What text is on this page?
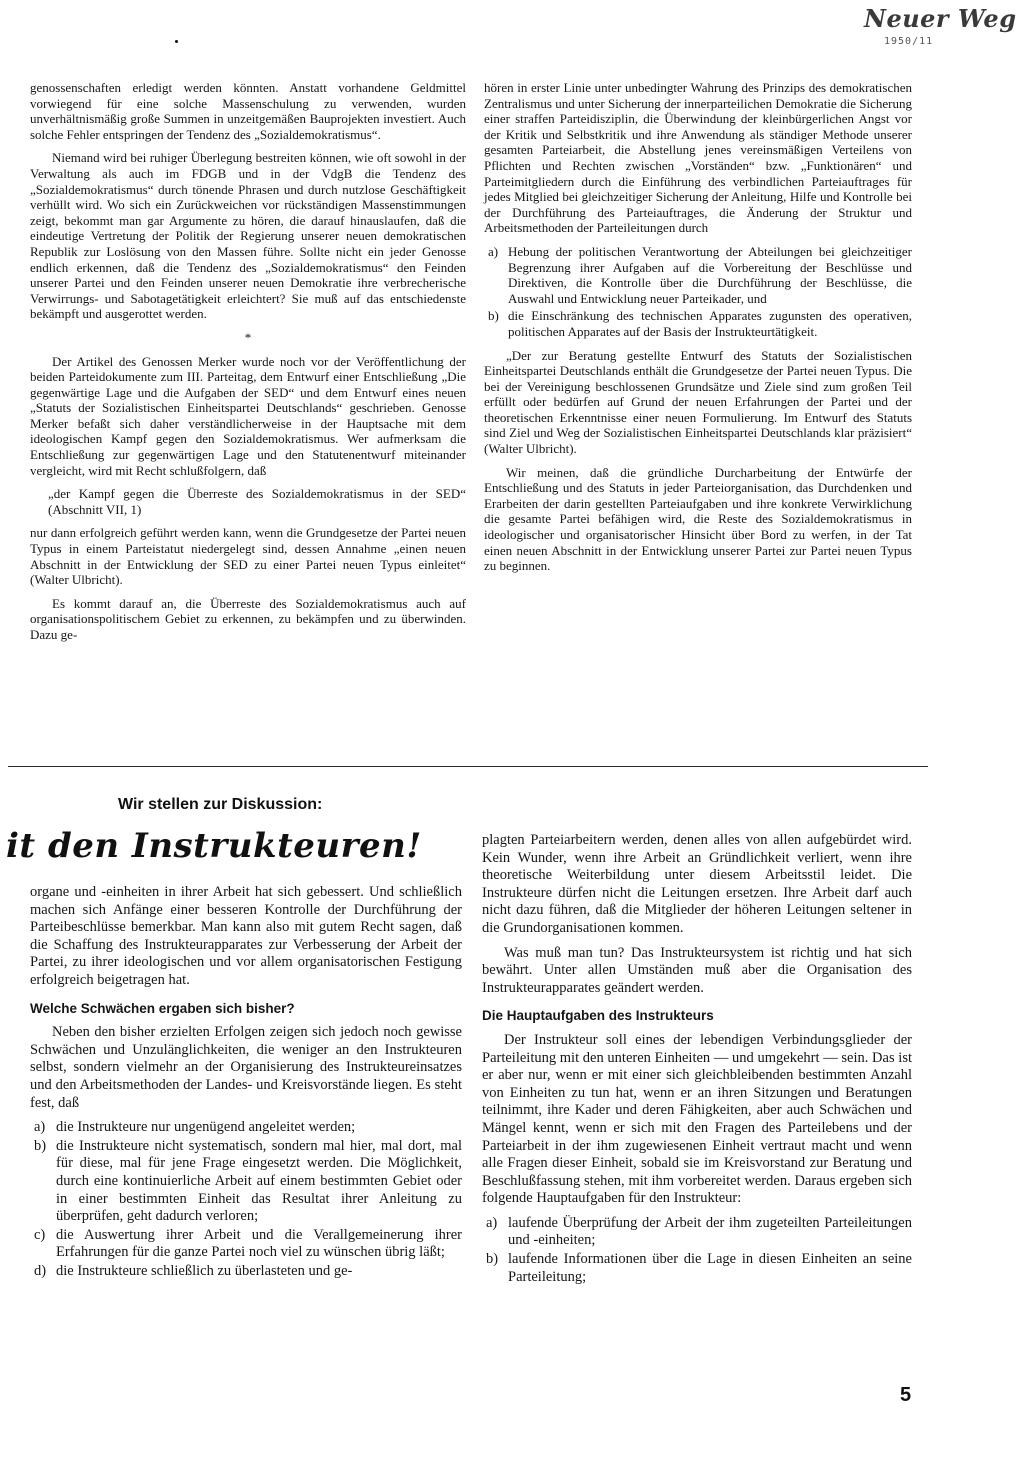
Neuer Weg
1950/11

genossenschaften erledigt werden könnten. Anstatt vorhandene Geldmittel vorwiegend für eine solche Massenschulung zu verwenden, wurden unverhältnismäßig große Summen in unzeitgemäßen Bauprojekten investiert. Auch solche Fehler entspringen der Tendenz des „Sozialdemokratismus“.

Niemand wird bei ruhiger Überlegung bestreiten können, wie oft sowohl in der Verwaltung als auch im FDGB und in der VdgB die Tendenz des „Sozialdemokratismus“ durch tönende Phrasen und durch nutzlose Geschäftigkeit verhüllt wird. Wo sich ein Zurückweichen vor rückständigen Massenstimmungen zeigt, bekommt man gar Argumente zu hören, die darauf hinauslaufen, daß die eindeutige Vertretung der Politik der Regierung unserer neuen demokratischen Republik zur Loslösung von den Massen führe. Sollte nicht ein jeder Genosse endlich erkennen, daß die Tendenz des „Sozialdemokratismus“ den Feinden unserer Partei und den Feinden unserer neuen Demokratie ihre verbrecherische Verwirrungs- und Sabotagetätigkeit erleichtert? Sie muß auf das entschiedenste bekämpft und ausgerottet werden.

*

Der Artikel des Genossen Merker wurde noch vor der Veröffentlichung der beiden Parteidokumente zum III. Parteitag, dem Entwurf einer Entschließung „Die gegenwärtige Lage und die Aufgaben der SED“ und dem Entwurf eines neuen „Statuts der Sozialistischen Einheitspartei Deutschlands“ geschrieben. Genosse Merker befaßt sich daher verständlicherweise in der Hauptsache mit dem ideologischen Kampf gegen den Sozialdemokratismus. Wer aufmerksam die Entschließung zur gegenwärtigen Lage und den Statutenentwurf miteinander vergleicht, wird mit Recht schlußfolgern, daß

„der Kampf gegen die Überreste des Sozialdemokratismus in der SED“ (Abschnitt VII, 1)

nur dann erfolgreich geführt werden kann, wenn die Grundgesetze der Partei neuen Typus in einem Parteistatut niedergelegt sind, dessen Annahme „einen neuen Abschnitt in der Entwicklung der SED zu einer Partei neuen Typus einleitet“ (Walter Ulbricht).

Es kommt darauf an, die Überreste des Sozialdemokratismus auch auf organisationspolitischem Gebiet zu erkennen, zu bekämpfen und zu überwinden. Dazu ge-

hören in erster Linie unter unbedingter Wahrung des Prinzips des demokratischen Zentralismus und unter Sicherung der innerparteilichen Demokratie die Sicherung einer straffen Parteidisziplin, die Überwindung der kleinbürgerlichen Angst vor der Kritik und Selbstkritik und ihre Anwendung als ständiger Methode unserer gesamten Parteiarbeit, die Abstellung jenes vereinsmäßigen Verteilens von Pflichten und Rechten zwischen „Vorständen“ bzw. „Funktionären“ und Parteimitgliedern durch die Einführung des verbindlichen Parteiauftrages für jedes Mitglied bei gleichzeitiger Sicherung der Anleitung, Hilfe und Kontrolle bei der Durchführung des Parteiauftrages, die Änderung der Struktur und Arbeitsmethoden der Parteileitungen durch

a) Hebung der politischen Verantwortung der Abteilungen bei gleichzeitiger Begrenzung ihrer Aufgaben auf die Vorbereitung der Beschlüsse und Direktiven, die Kontrolle über die Durchführung der Beschlüsse, die Auswahl und Entwicklung neuer Parteikader, und
b) die Einschränkung des technischen Apparates zugunsten des operativen, politischen Apparates auf der Basis der Instrukteurtätigkeit.

„Der zur Beratung gestellte Entwurf des Statuts der Sozialistischen Einheitspartei Deutschlands enthält die Grundgesetze der Partei neuen Typus. Die bei der Vereinigung beschlossenen Grundsätze und Ziele sind zum großen Teil erfüllt oder bedürfen auf Grund der neuen Erfahrungen der Partei und der theoretischen Erkenntnisse einer neuen Formulierung. Im Entwurf des Statuts sind Ziel und Weg der Sozialistischen Einheitspartei Deutschlands klar präzisiert“ (Walter Ulbricht).

Wir meinen, daß die gründliche Durcharbeitung der Entwürfe der Entschließung und des Statuts in jeder Parteiorganisation, das Durchdenken und Erarbeiten der darin gestellten Parteiaufgaben und ihre konkrete Verwirklichung die gesamte Partei befähigen wird, die Reste des Sozialdemokratismus in ideologischer und organisatorischer Hinsicht über Bord zu werfen, in der Tat einen neuen Abschnitt in der Entwicklung unserer Partei zur Partei neuen Typus zu beginnen.

Wir stellen zur Diskussion:
it den Instrukteuren!

organe und -einheiten in ihrer Arbeit hat sich gebessert. Und schließlich machen sich Anfänge einer besseren Kontrolle der Durchführung der Parteibeschlüsse bemerkbar. Man kann also mit gutem Recht sagen, daß die Schaffung des Instrukteurapparates zur Verbesserung der Arbeit der Partei, zu ihrer ideologischen und vor allem organisatorischen Festigung erfolgreich beigetragen hat.

Welche Schwächen ergaben sich bisher?

Neben den bisher erzielten Erfolgen zeigen sich jedoch noch gewisse Schwächen und Unzulänglichkeiten, die weniger an den Instrukteuren selbst, sondern vielmehr an der Organisierung des Instrukteureinsatzes und den Arbeitsmethoden der Landes- und Kreisvorstände liegen. Es steht fest, daß

a) die Instrukteure nur ungenügend angeleitet werden;
b) die Instrukteure nicht systematisch, sondern mal hier, mal dort, mal für diese, mal für jene Frage eingesetzt werden. Die Möglichkeit, durch eine kontinuierliche Arbeit auf einem bestimmten Gebiet oder in einer bestimmten Einheit das Resultat ihrer Anleitung zu überprüfen, geht dadurch verloren;
c) die Auswertung ihrer Arbeit und die Verallgemeinerung ihrer Erfahrungen für die ganze Partei noch viel zu wünschen übrig läßt;
d) die Instrukteure schließlich zu überlasteten und ge-

plagten Parteiarbeitern werden, denen alles von allen aufgebürdet wird. Kein Wunder, wenn ihre Arbeit an Gründlichkeit verliert, wenn ihre theoretische Weiterbildung unter diesem Arbeitsstil leidet. Die Instrukteure dürfen nicht die Leitungen ersetzen. Ihre Arbeit darf auch nicht dazu führen, daß die Mitglieder der höheren Leitungen seltener in die Grundorganisationen kommen.

Was muß man tun? Das Instrukteursystem ist richtig und hat sich bewährt. Unter allen Umständen muß aber die Organisation des Instrukteurapparates geändert werden.

Die Hauptaufgaben des Instrukteurs

Der Instrukteur soll eines der lebendigen Verbindungsglieder der Parteileitung mit den unteren Einheiten — und umgekehrt — sein. Das ist er aber nur, wenn er mit einer sich gleichbleibenden bestimmten Anzahl von Einheiten zu tun hat, wenn er an ihren Sitzungen und Beratungen teilnimmt, ihre Kader und deren Fähigkeiten, aber auch Schwächen und Mängel kennt, wenn er sich mit den Fragen des Parteilebens und der Parteiarbeit in der ihm zugewiesenen Einheit vertraut macht und wenn alle Fragen dieser Einheit, sobald sie im Kreisvorstand zur Beratung und Beschlußfassung stehen, mit ihm vorbereitet werden. Daraus ergeben sich folgende Hauptaufgaben für den Instrukteur:

a) laufende Überprüfung der Arbeit der ihm zugeteilten Parteileitungen und -einheiten;
b) laufende Informationen über die Lage in diesen Einheiten an seine Parteileitung;
5
